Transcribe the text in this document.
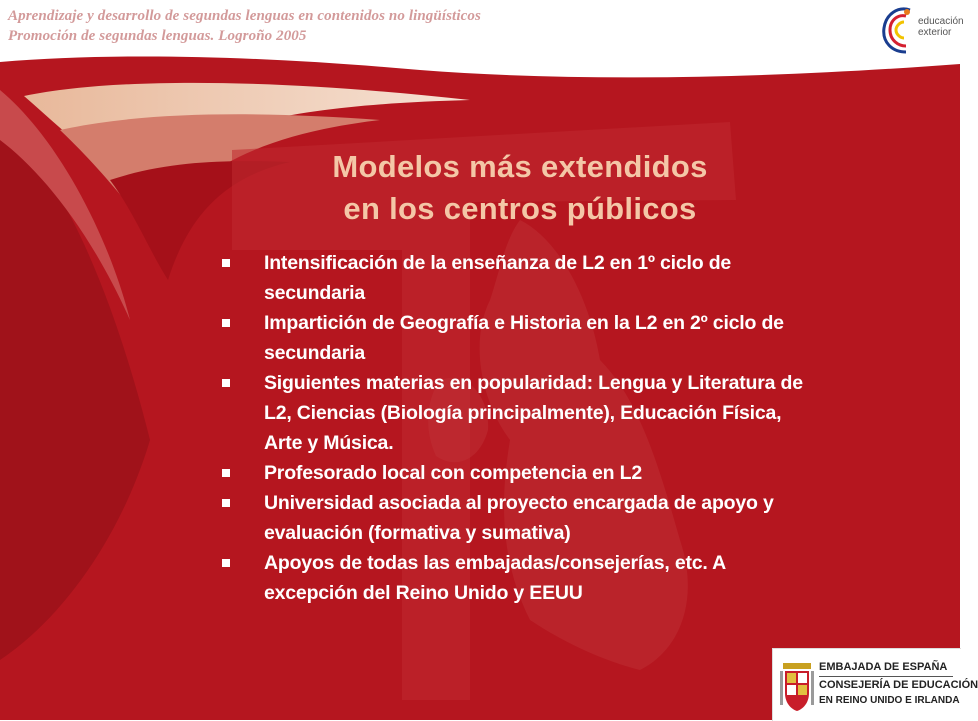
Aprendizaje y desarrollo de segundas lenguas en contenidos no lingüísticos
Promoción de segundas lenguas. Logroño 2005
educación
exterior
Modelos más extendidos
en los centros públicos
Intensificación de la enseñanza de L2 en 1º ciclo de
secundaria
Impartición de Geografía e Historia en la L2 en 2º ciclo de
secundaria
Siguientes materias en popularidad: Lengua y Literatura de
L2, Ciencias (Biología principalmente), Educación Física,
Arte y Música.
Profesorado local con competencia en L2
Universidad asociada al proyecto encargada de apoyo y
evaluación (formativa y sumativa)
Apoyos de todas las embajadas/consejerías, etc. A
excepción del Reino Unido y EEUU
EMBAJADA DE ESPAÑA
CONSEJERÍA DE EDUCACIÓN
EN REINO UNIDO E IRLANDA
